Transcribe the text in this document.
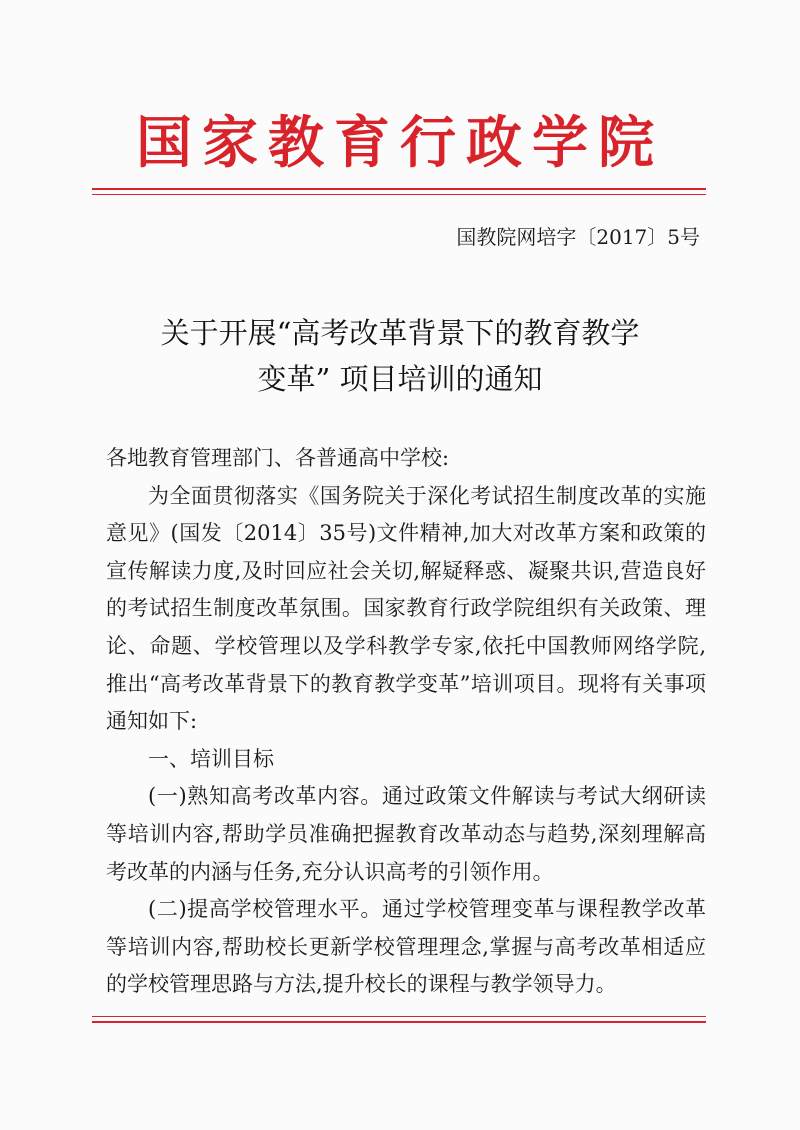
国家教育行政学院
国教院网培字〔2017〕5号
关于开展“高考改革背景下的教育教学
变革” 项目培训的通知

各地教育管理部门、各普通高中学校:

为全面贯彻落实《国务院关于深化考试招生制度改革的实施意见》(国发〔2014〕35号)文件精神,加大对改革方案和政策的宣传解读力度,及时回应社会关切,解疑释惑、凝聚共识,营造良好的考试招生制度改革氛围。国家教育行政学院组织有关政策、理论、命题、学校管理以及学科教学专家,依托中国教师网络学院,推出“高考改革背景下的教育教学变革”培训项目。现将有关事项通知如下:

一、培训目标

(一)熟知高考改革内容。通过政策文件解读与考试大纲研读等培训内容,帮助学员准确把握教育改革动态与趋势,深刻理解高考改革的内涵与任务,充分认识高考的引领作用。

(二)提高学校管理水平。通过学校管理变革与课程教学改革等培训内容,帮助校长更新学校管理理念,掌握与高考改革相适应的学校管理思路与方法,提升校长的课程与教学领导力。
